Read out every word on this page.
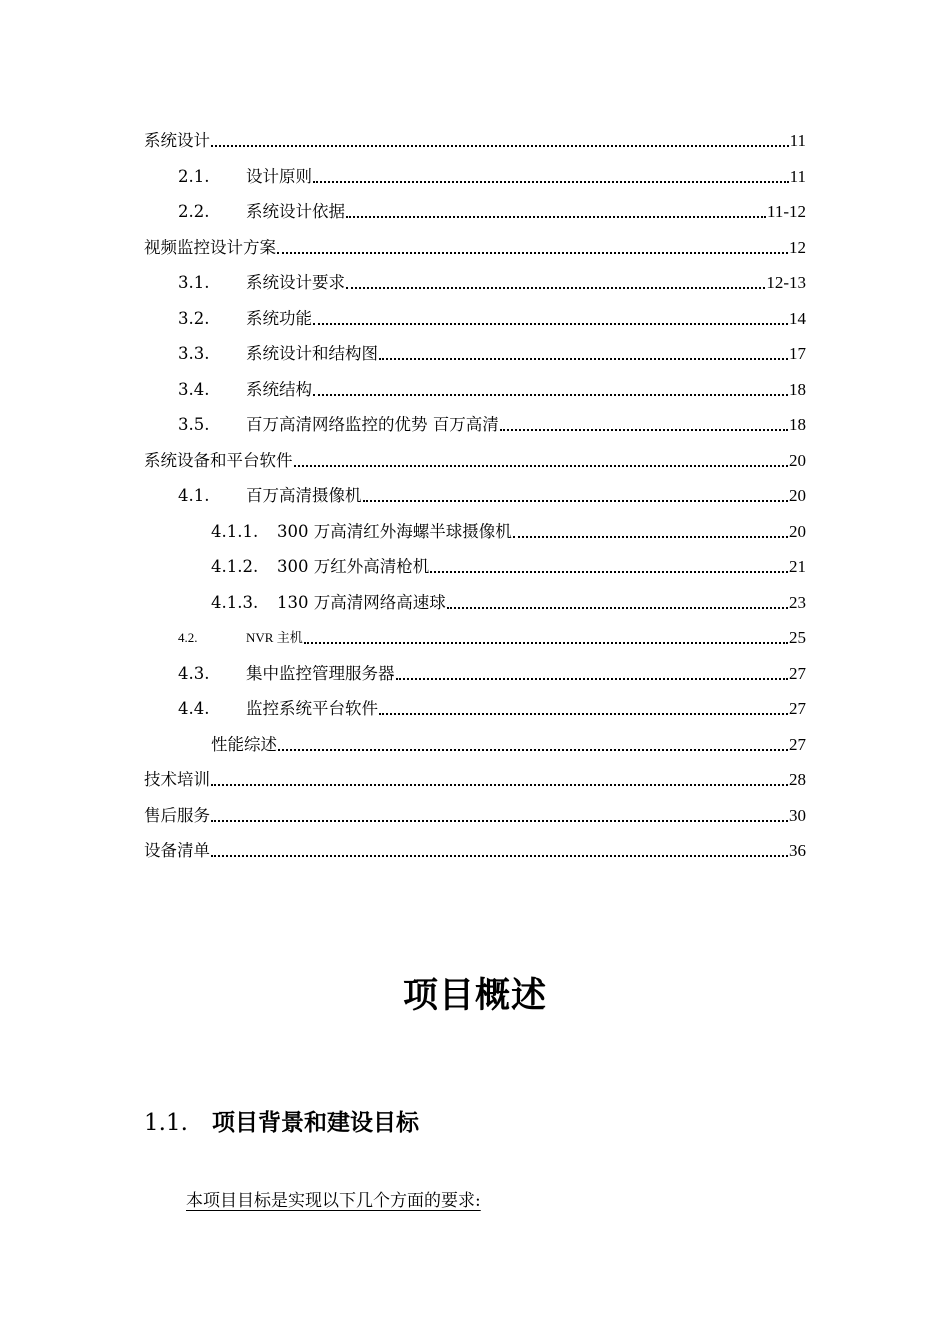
系统设计	11
2.1.	设计原则	11
2.2.	系统设计依据	11-12
视频监控设计方案	12
3.1.	系统设计要求	12-13
3.2.	系统功能	14
3.3.	系统设计和结构图	17
3.4.	系统结构	18
3.5.	百万高清网络监控的优势 百万高清	18
系统设备和平台软件	20
4.1.	百万高清摄像机	20
4.1.1.	300 万高清红外海螺半球摄像机	20
4.1.2.	300 万红外高清枪机	21
4.1.3.	130 万高清网络高速球	23
4.2.	NVR 主机	25
4.3.	集中监控管理服务器	27
4.4.	监控系统平台软件	27
性能综述	27
技术培训	28
售后服务	30
设备清单	36
项目概述
1.1. 项目背景和建设目标
本项目目标是实现以下几个方面的要求:
